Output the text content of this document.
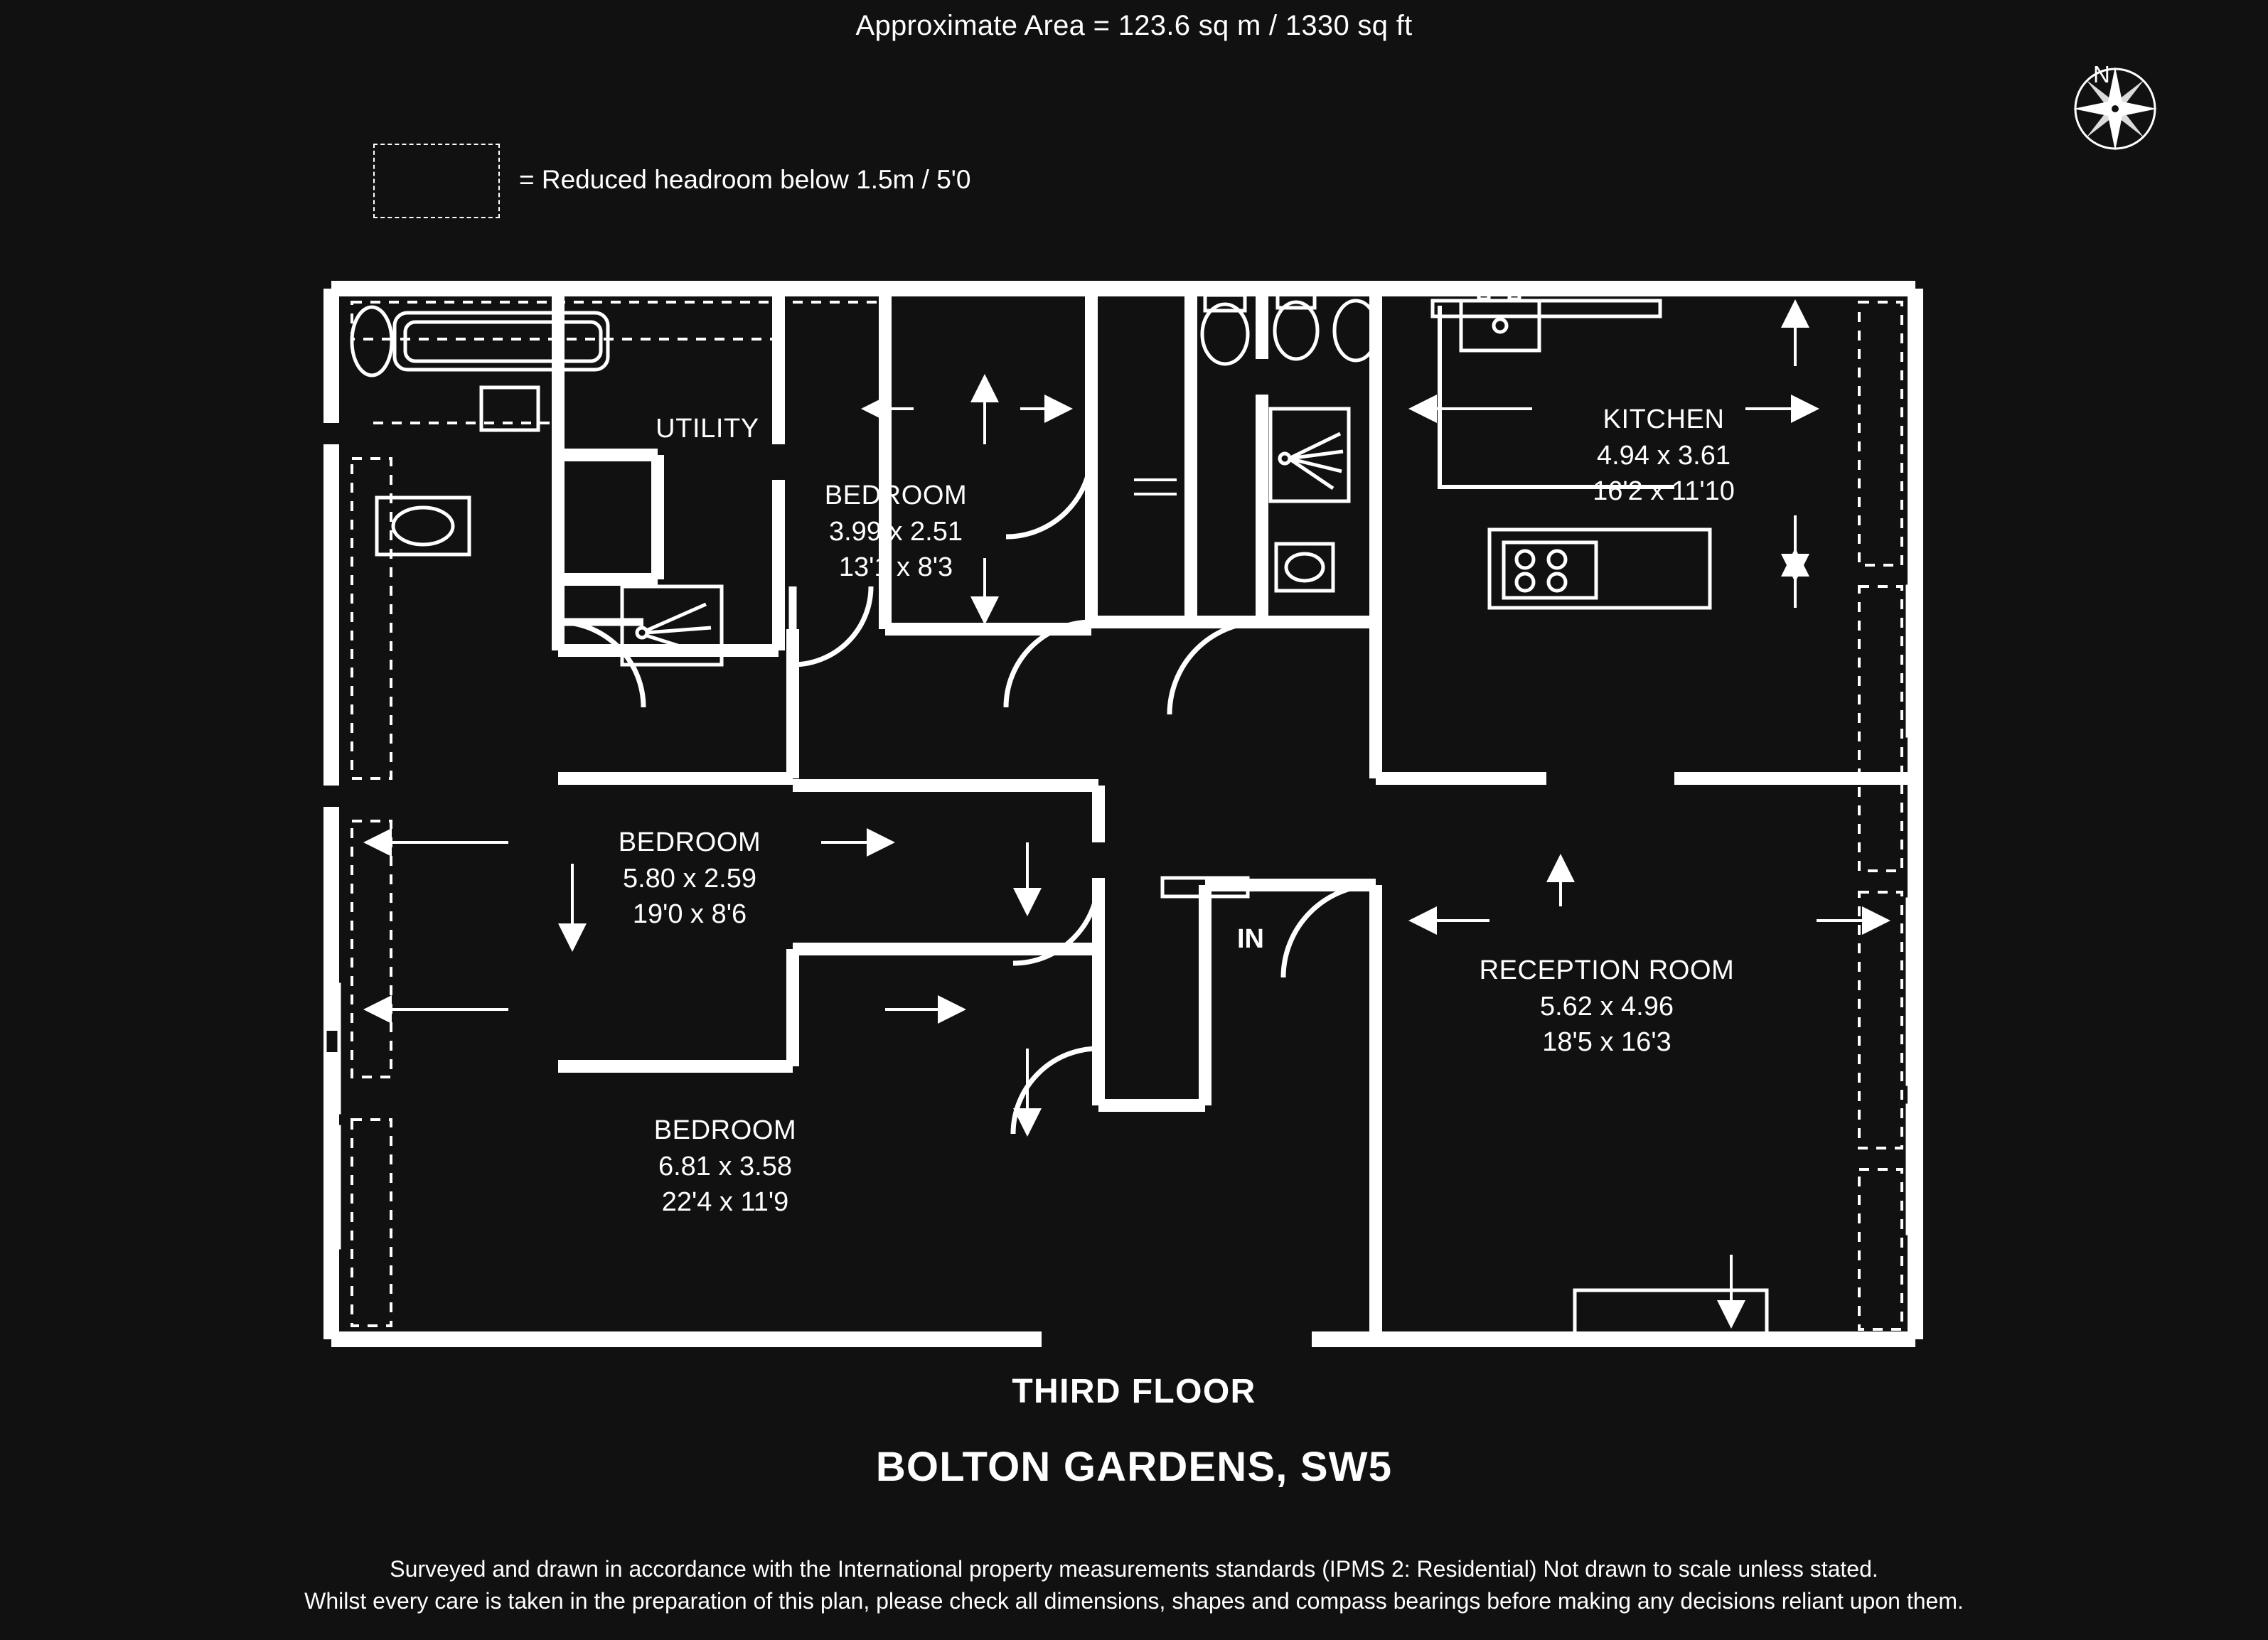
Approximate Area = 123.6 sq m / 1330 sq ft
= Reduced headroom below 1.5m / 5'0
N
UTILITY
BEDROOM
3.99 x 2.51
13'1 x 8'3
KITCHEN
4.94 x 3.61
16'2 x 11'10
BEDROOM
5.80 x 2.59
19'0 x 8'6
BEDROOM
6.81 x 3.58
22'4 x 11'9
RECEPTION ROOM
5.62 x 4.96
18'5 x 16'3
IN
THIRD FLOOR
BOLTON GARDENS, SW5
Surveyed and drawn in accordance with the International property measurements standards (IPMS 2: Residential) Not drawn to scale unless stated.
Whilst every care is taken in the preparation of this plan, please check all dimensions, shapes and compass bearings before making any decisions reliant upon them.
